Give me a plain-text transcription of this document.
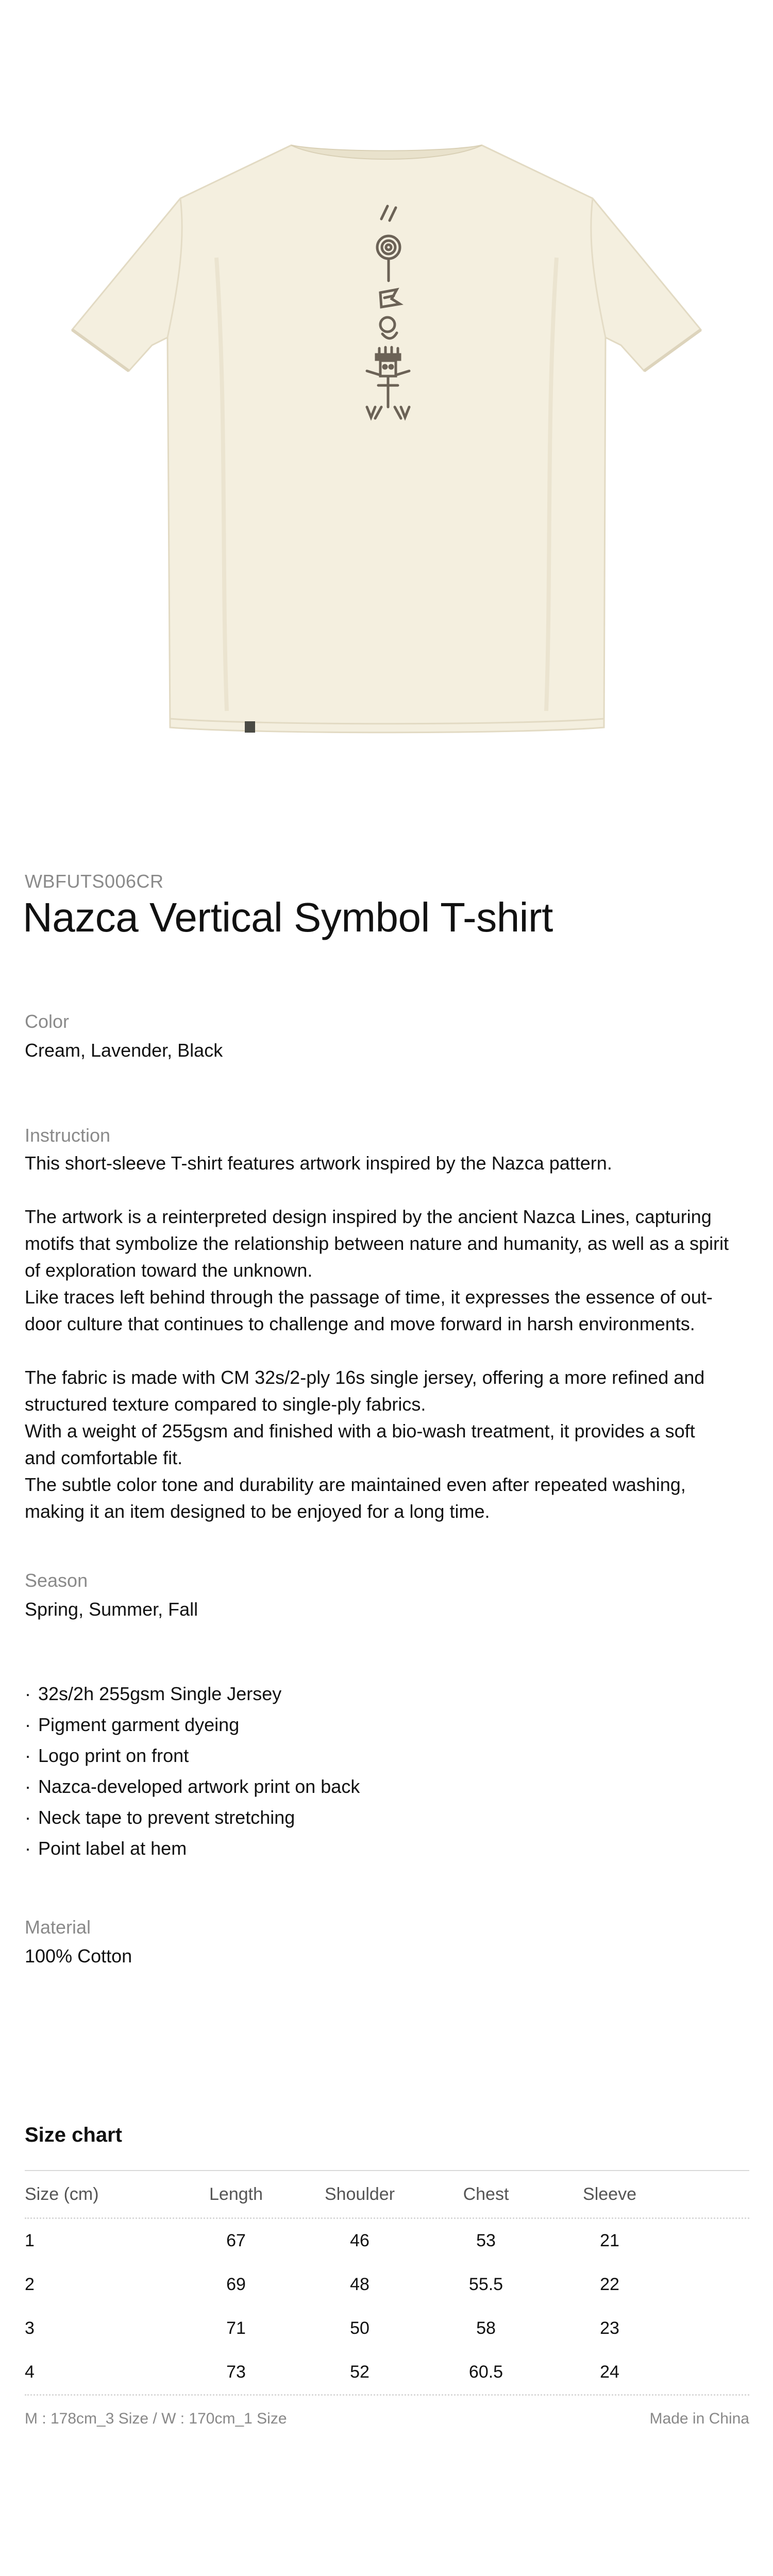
WBFUTS006CR
Nazca Vertical Symbol T-shirt
Color
Cream, Lavender, Black
Instruction

This short-sleeve T-shirt features artwork inspired by the Nazca pattern.

The artwork is a reinterpreted design inspired by the ancient Nazca Lines, capturing
motifs that symbolize the relationship between nature and humanity, as well as a spirit
of exploration toward the unknown.
Like traces left behind through the passage of time, it expresses the essence of out-
door culture that continues to challenge and move forward in harsh environments.

The fabric is made with CM 32s/2-ply 16s single jersey, offering a more refined and
structured texture compared to single-ply fabrics.
With a weight of 255gsm and finished with a bio-wash treatment, it provides a soft
and comfortable fit.
The subtle color tone and durability are maintained even after repeated washing,
making it an item designed to be enjoyed for a long time.

Season
Spring, Summer, Fall
· 32s/2h 255gsm Single Jersey
· Pigment garment dyeing
· Logo print on front
· Nazca-developed artwork print on back
· Neck tape to prevent stretching
· Point label at hem
Material
100% Cotton
Size chart
Size (cm)	Length	Shoulder	Chest	Sleeve
1	67	46	53	21
2	69	48	55.5	22
3	71	50	58	23
4	73	52	60.5	24
M : 178cm_3 Size / W : 170cm_1 Size	Made in China
